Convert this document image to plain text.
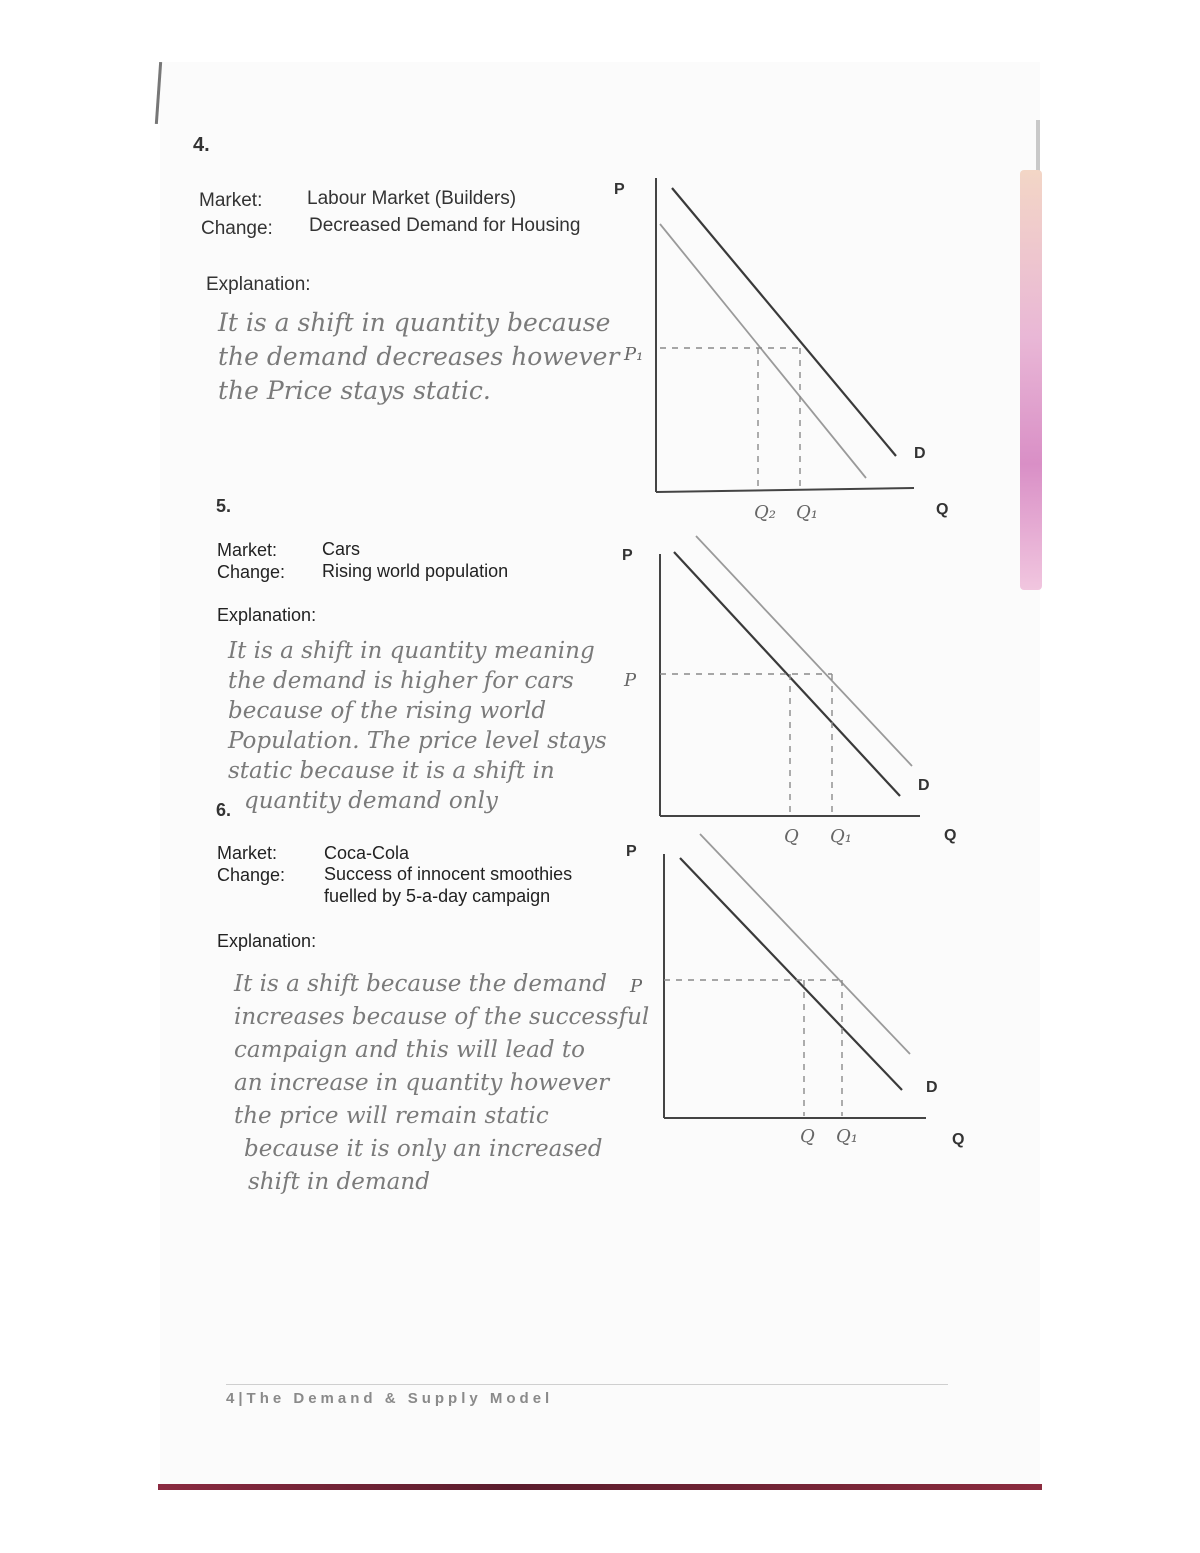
4.
Market: Labour Market (Builders)
Change: Decreased Demand for Housing
Explanation:
It is a shift in quantity because
the demand decreases however
the Price stays static.
5.
Market: Cars
Change: Rising world population
Explanation:
It is a shift in quantity meaning
the demand is higher for cars
because of the rising world
Population. The price level stays
static because it is a shift in
quantity demand only
6.
Market:	Coca-Cola
Change: Success of innocent smoothies
fuelled by 5-a-day campaign
Explanation:
It is a shift because the demand
increases because of the successful
campaign and this will lead to
an increase in quantity however
the price will remain static
because it is only an increased
shift in demand
P
Q
D
P₁
Q₂ Q₁
P
Q
D
P
Q Q₁
P
Q
D
P
Q Q₁
4|The Demand & Supply Model
